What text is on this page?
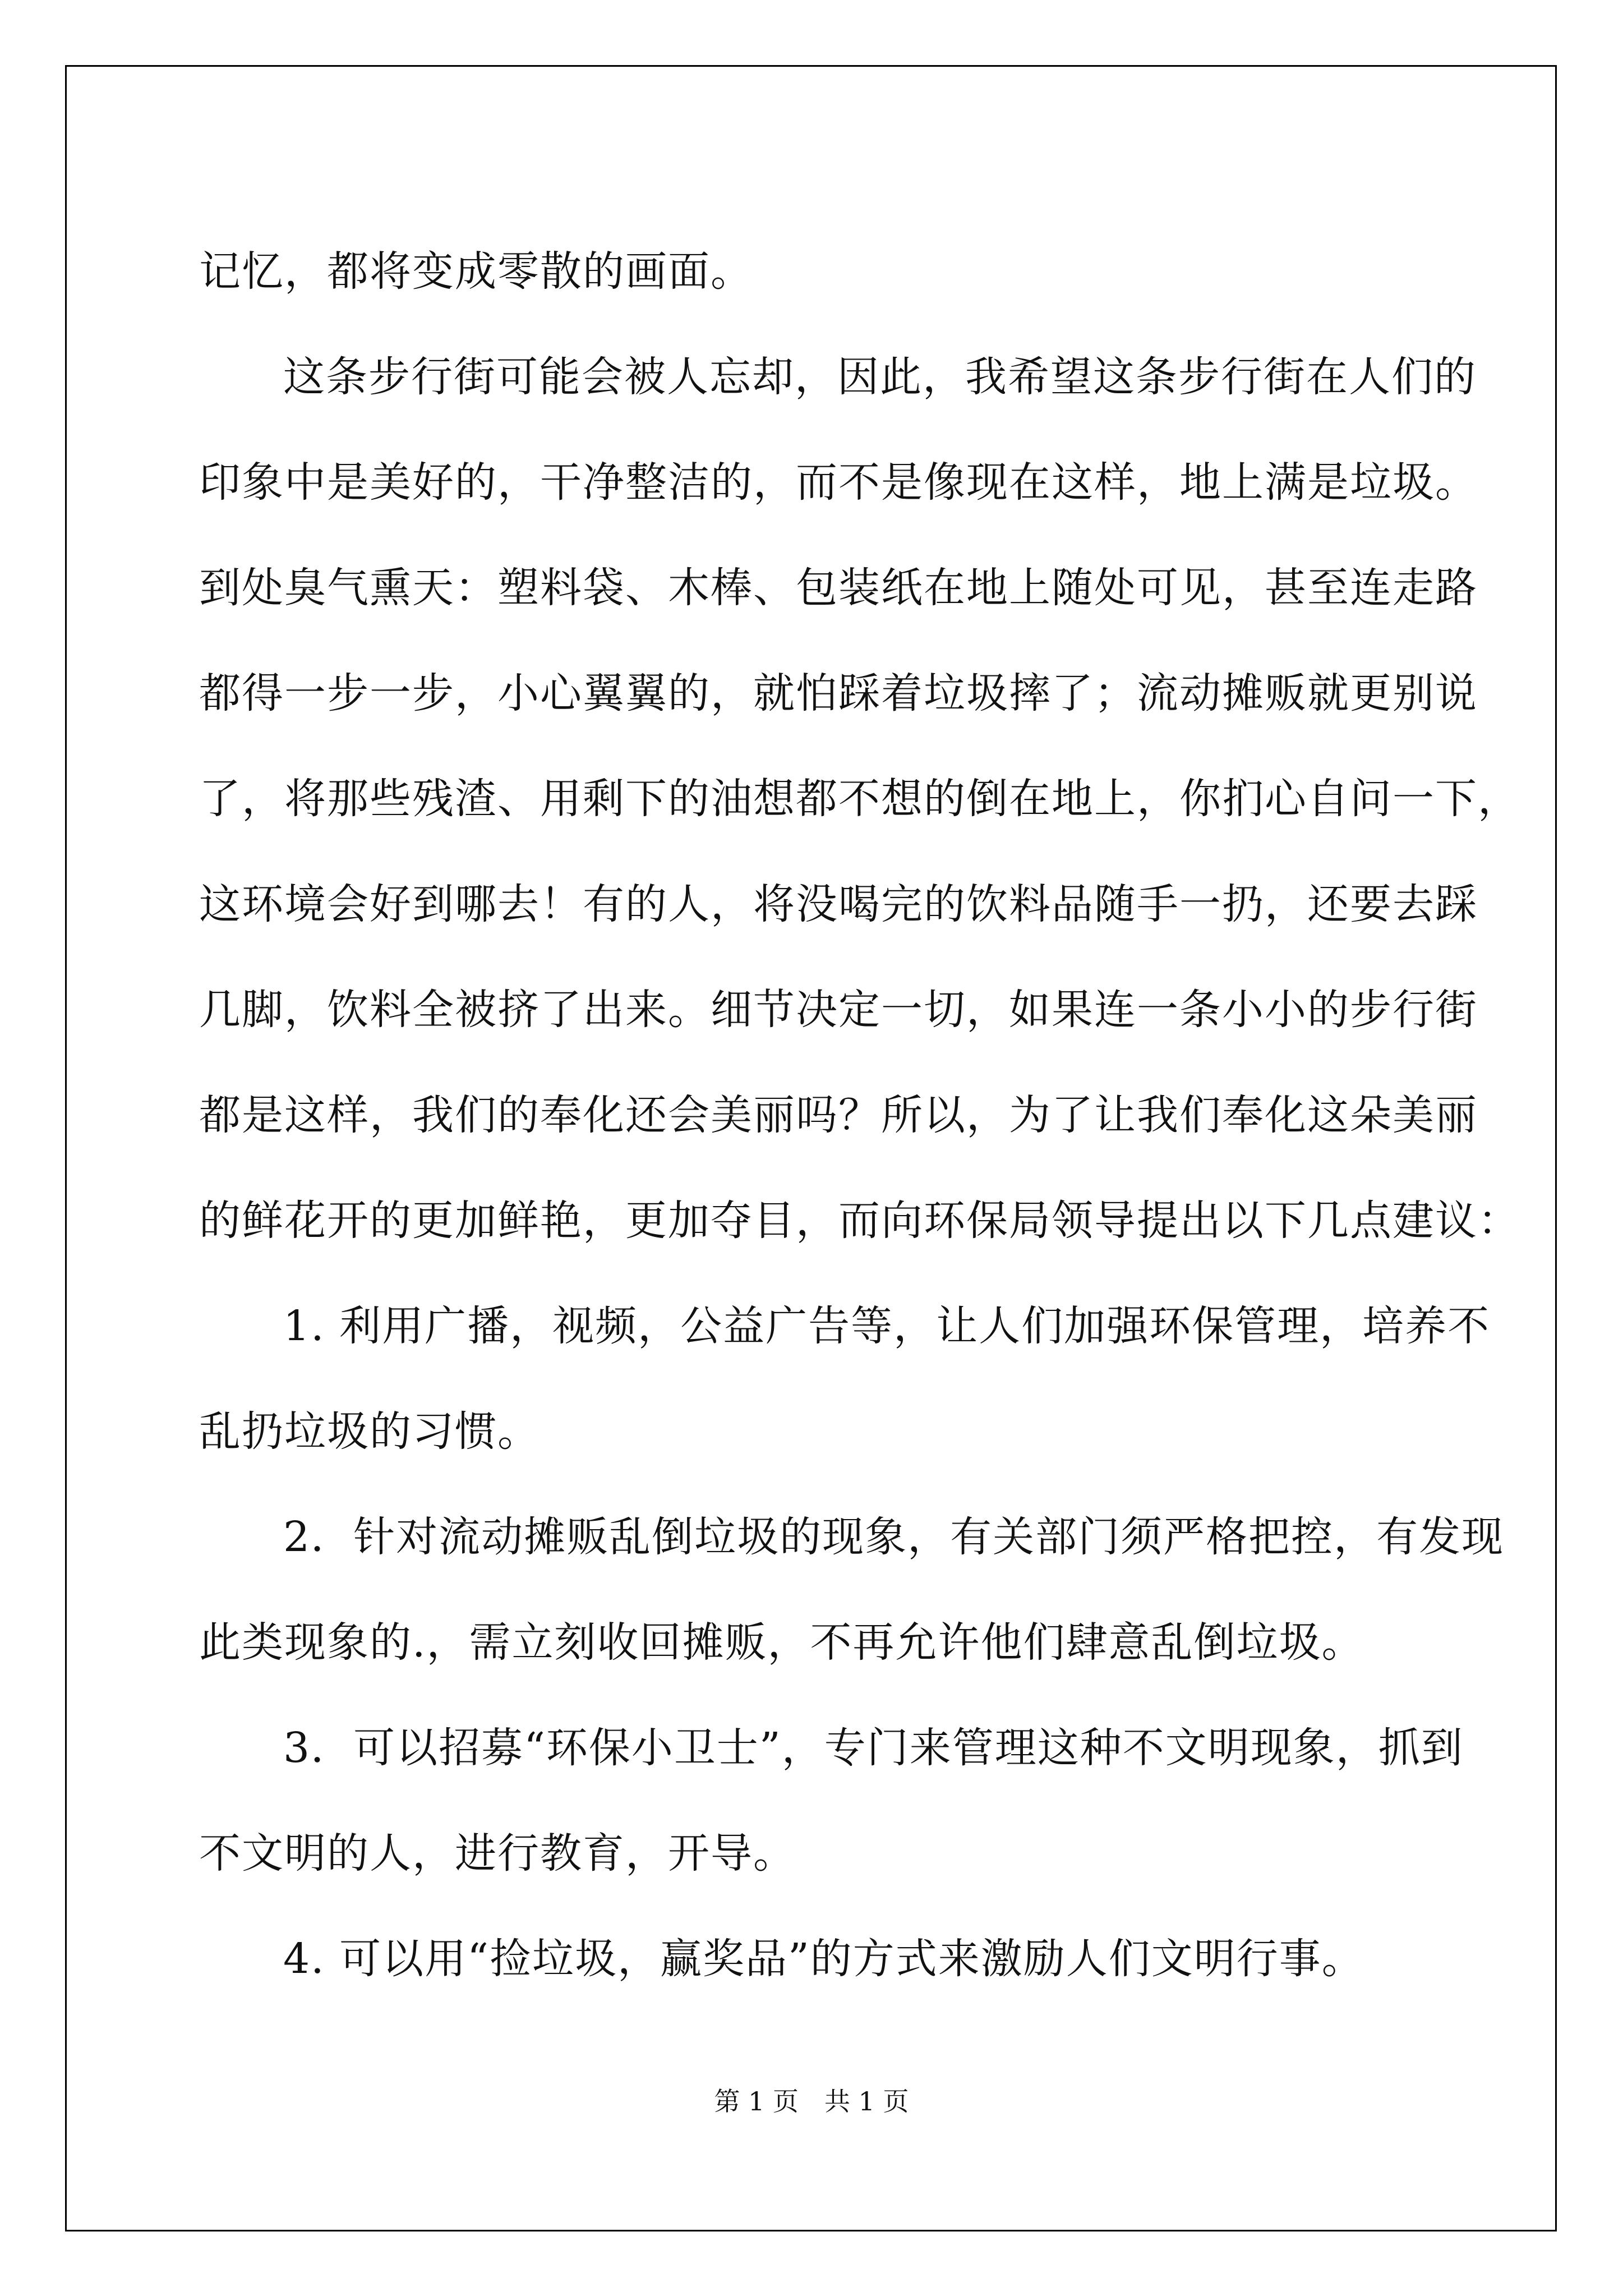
记忆，都将变成零散的画面。
这条步行街可能会被人忘却，因此，我希望这条步行街在人们的
印象中是美好的，干净整洁的，而不是像现在这样，地上满是垃圾。
到处臭气熏天：塑料袋、木棒、包装纸在地上随处可见，甚至连走路
都得一步一步，小心翼翼的，就怕踩着垃圾摔了；流动摊贩就更别说
了，将那些残渣、用剩下的油想都不想的倒在地上，你扪心自问一下，
这环境会好到哪去！有的人，将没喝完的饮料品随手一扔，还要去踩
几脚，饮料全被挤了出来。细节决定一切，如果连一条小小的步行街
都是这样，我们的奉化还会美丽吗？所以，为了让我们奉化这朵美丽
的鲜花开的更加鲜艳，更加夺目，而向环保局领导提出以下几点建议：
1. 利用广播，视频，公益广告等，让人们加强环保管理，培养不
乱扔垃圾的习惯。
2．针对流动摊贩乱倒垃圾的现象，有关部门须严格把控，有发现
此类现象的.，需立刻收回摊贩，不再允许他们肆意乱倒垃圾。
3．可以招募“环保小卫士”，专门来管理这种不文明现象，抓到
不文明的人，进行教育，开导。
4. 可以用“捡垃圾，赢奖品”的方式来激励人们文明行事。
第 1 页 共 1 页
